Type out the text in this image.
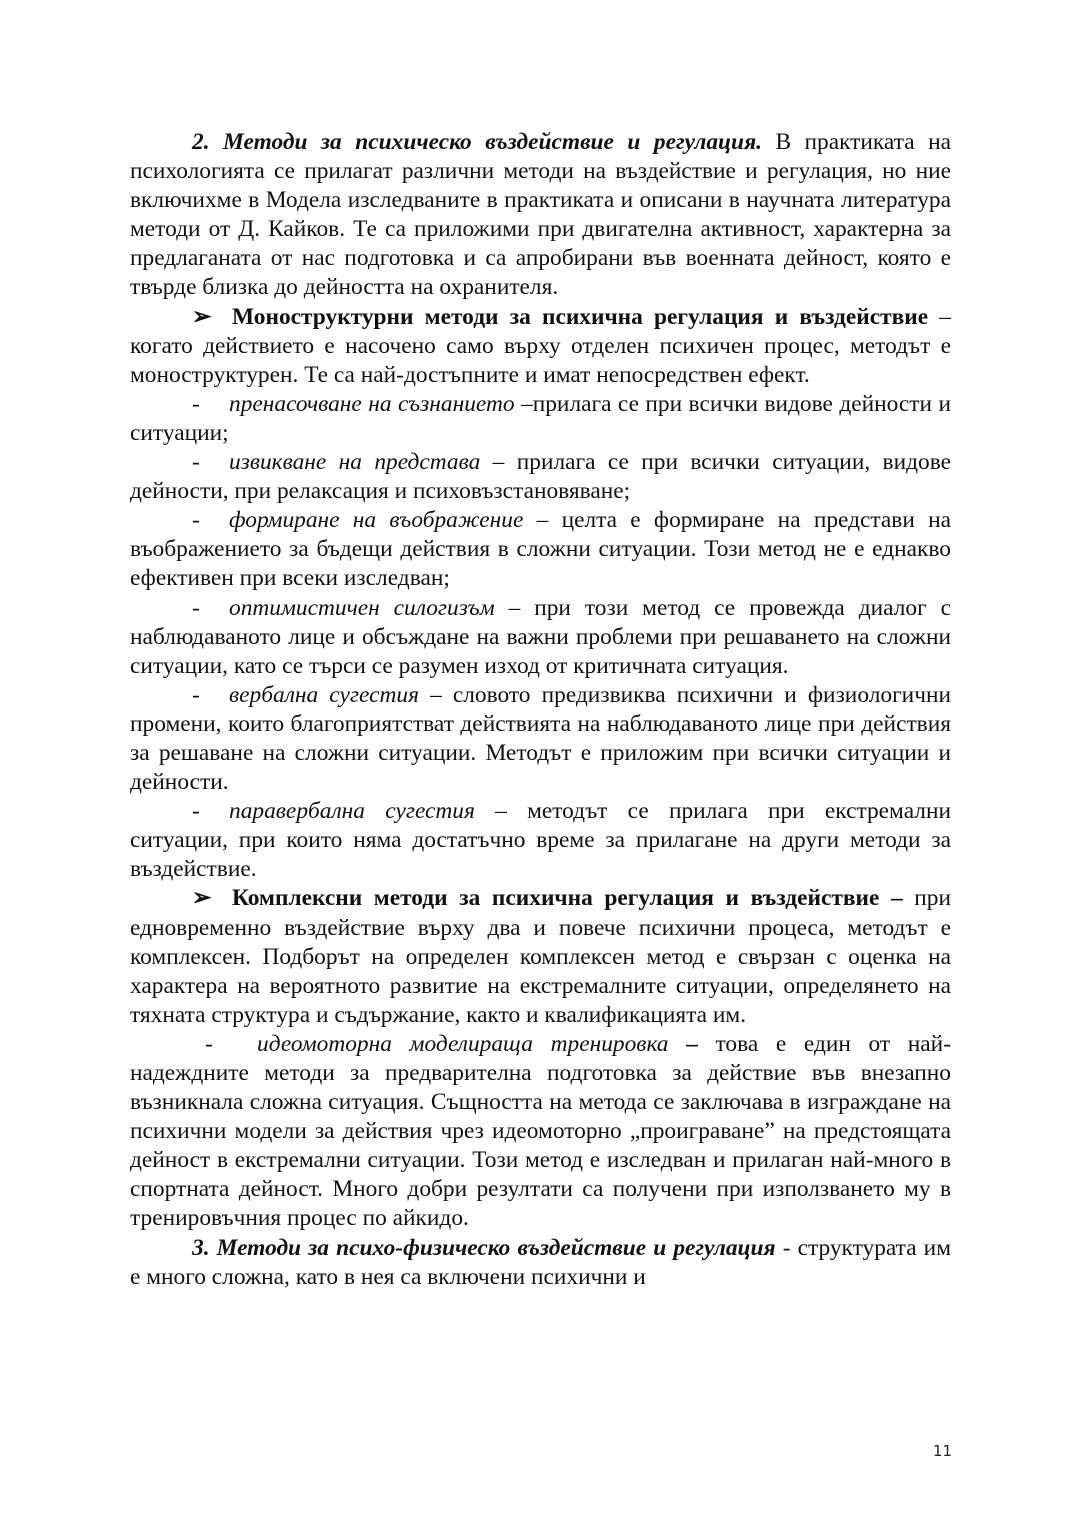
2. Методи за психическо въздействие и регулация. В практиката на психологията се прилагат различни методи на въздействие и регулация, но ние включихме в Модела изследваните в практиката и описани в научната литература методи от Д. Кайков. Те са приложими при двигателна активност, характерна за предлаганата от нас подготовка и са апробирани във военната дейност, която е твърде близка до дейността на охранителя.

➢ Моноструктурни методи за психична регулация и въздействие – когато действието е насочено само върху отделен психичен процес, методът е моноструктурен. Те са най-достъпните и имат непосредствен ефект.

- пренасочване на съзнанието –прилага се при всички видове дейности и ситуации;

- извикване на представа – прилага се при всички ситуации, видове дейности, при релаксация и психовъзстановяване;

- формиране на въображение – целта е формиране на представи на въображението за бъдещи действия в сложни ситуации. Този метод не е еднакво ефективен при всеки изследван;

- оптимистичен силогизъм – при този метод се провежда диалог с наблюдаваното лице и обсъждане на важни проблеми при решаването на сложни ситуации, като се търси се разумен изход от критичната ситуация.

- вербална сугестия – словото предизвиква психични и физиологични промени, които благоприятстват действията на наблюдаваното лице при действия за решаване на сложни ситуации. Методът е приложим при всички ситуации и дейности.

- паравербална сугестия – методът се прилага при екстремални ситуации, при които няма достатъчно време за прилагане на други методи за въздействие.

➢ Комплексни методи за психична регулация и въздействие – при едновременно въздействие върху два и повече психични процеса, методът е комплексен. Подборът на определен комплексен метод е свързан с оценка на характера на вероятното развитие на екстремалните ситуации, определянето на тяхната структура и съдържание, както и квалификацията им.

- идеомоторна моделираща тренировка – това е един от най-надеждните методи за предварителна подготовка за действие във внезапно възникнала сложна ситуация. Същността на метода се заключава в изграждане на психични модели за действия чрез идеомоторно „проиграване” на предстоящата дейност в екстремални ситуации. Този метод е изследван и прилаган най-много в спортната дейност. Много добри резултати са получени при използването му в тренировъчния процес по айкидо.

3. Методи за психо-физическо въздействие и регулация - структурата им е много сложна, като в нея са включени психични и

11
